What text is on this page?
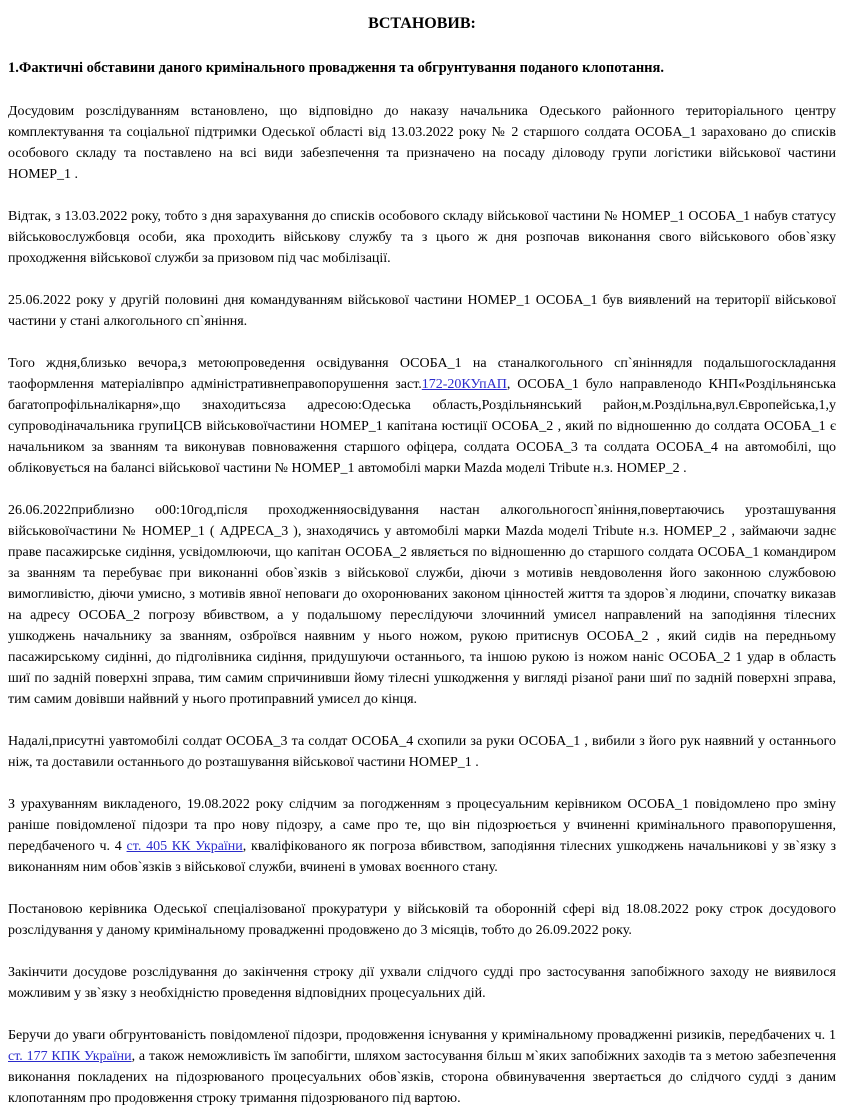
ВСТАНОВИВ:
1.Фактичні обставини даного кримінального провадження та обгрунтування поданого клопотання.

Досудовим розслідуванням встановлено, що відповідно до наказу начальника Одеського районного територіального центру комплектування та соціальної підтримки Одеської області від 13.03.2022 року № 2 старшого солдата ОСОБА_1 зараховано до списків особового складу та поставлено на всі види забезпечення та призначено на посаду діловоду групи логістики військової частини НОМЕР_1 .

Відтак, з 13.03.2022 року, тобто з дня зарахування до списків особового складу військової частини № НОМЕР_1 ОСОБА_1 набув статусу військовослужбовця особи, яка проходить військову службу та з цього ж дня розпочав виконання свого військового обов`язку проходження військової служби за призовом під час мобілізації.

25.06.2022 року у другій половині дня командуванням військової частини НОМЕР_1 ОСОБА_1 був виявлений на території військової частини у стані алкогольного сп`яніння.

Того ждня,близько вечора,з метоюпроведення освідування ОСОБА_1 на станалкогольного сп`яніннядля подальшогоскладання таоформлення матеріалівпро адміністративнеправопорушення заст.172-20КУпАП, ОСОБА_1 було направленодо КНП«Роздільнянська багатопрофільналікарня»,що знаходитьсяза адресою:Одеська область,Роздільнянський район,м.Роздільна,вул.Європейська,1,у супроводіначальника групиЦСВ військовоїчастини НОМЕР_1 капітана юстиції ОСОБА_2 , який по відношенню до солдата ОСОБА_1 є начальником за званням та виконував повноваження старшого офіцера, солдата ОСОБА_3 та солдата ОСОБА_4 на автомобілі, що обліковується на балансі військової частини № НОМЕР_1 автомобілі марки Mazda моделі Tribute н.з. НОМЕР_2 .

26.06.2022приблизно о00:10год,після проходженняосвідування настан алкогольногосп`яніння,повертаючись урозташування військовоїчастини № НОМЕР_1 ( АДРЕСА_3 ), знаходячись у автомобілі марки Mazda моделі Tribute н.з. НОМЕР_2 , займаючи заднє праве пасажирське сидіння, усвідомлюючи, що капітан ОСОБА_2 являється по відношенню до старшого солдата ОСОБА_1 командиром за званням та перебуває при виконанні обов`язків з військової служби, діючи з мотивів невдоволення його законною службовою вимогливістю, діючи умисно, з мотивів явної неповаги до охоронюваних законом цінностей життя та здоров`я людини, спочатку виказав на адресу ОСОБА_2 погрозу вбивством, а у подальшому переслідуючи злочинний умисел направлений на заподіяння тілесних ушкоджень начальнику за званням, озброївся наявним у нього ножом, рукою притиснув ОСОБА_2 , який сидів на передньому пасажирському сидінні, до підголівника сидіння, придушуючи останнього, та іншою рукою із ножом наніс ОСОБА_2 1 удар в область шиї по задній поверхні зправа, тим самим спричинивши йому тілесні ушкодження у вигляді різаної рани шиї по задній поверхні зправа, тим самим довівши найвний у нього протиправний умисел до кінця.

Надалі,присутні уавтомобілі солдат ОСОБА_3 та солдат ОСОБА_4 схопили за руки ОСОБА_1 , вибили з його рук наявний у останнього ніж, та доставили останнього до розташування військової частини НОМЕР_1 .

З урахуванням викладеного, 19.08.2022 року слідчим за погодженням з процесуальним керівником ОСОБА_1 повідомлено про зміну раніше повідомленої підозри та про нову підозру, а саме про те, що він підозрюється у вчиненні кримінального правопорушення, передбаченого ч. 4 ст. 405 КК України, кваліфікованого як погроза вбивством, заподіяння тілесних ушкоджень начальникові у зв`язку з виконанням ним обов`язків з військової служби, вчинені в умовах воєнного стану.

Постановою керівника Одеської спеціалізованої прокуратури у військовій та оборонній сфері від 18.08.2022 року строк досудового розслідування у даному кримінальному провадженні продовжено до 3 місяців, тобто до 26.09.2022 року.

Закінчити досудове розслідування до закінчення строку дії ухвали слідчого судді про застосування запобіжного заходу не виявилося можливим у зв`язку з необхідністю проведення відповідних процесуальних дій.

Беручи до уваги обгрунтованість повідомленої підозри, продовження існування у кримінальному провадженні ризиків, передбачених ч. 1 ст. 177 КПК України, а також неможливість їм запобігти, шляхом застосування більш м`яких запобіжних заходів та з метою забезпечення виконання покладених на підозрюваного процесуальних обов`язків, сторона обвинувачення звертається до слідчого судді з даним клопотанням про продовження строку тримання підозрюваного під вартою.
